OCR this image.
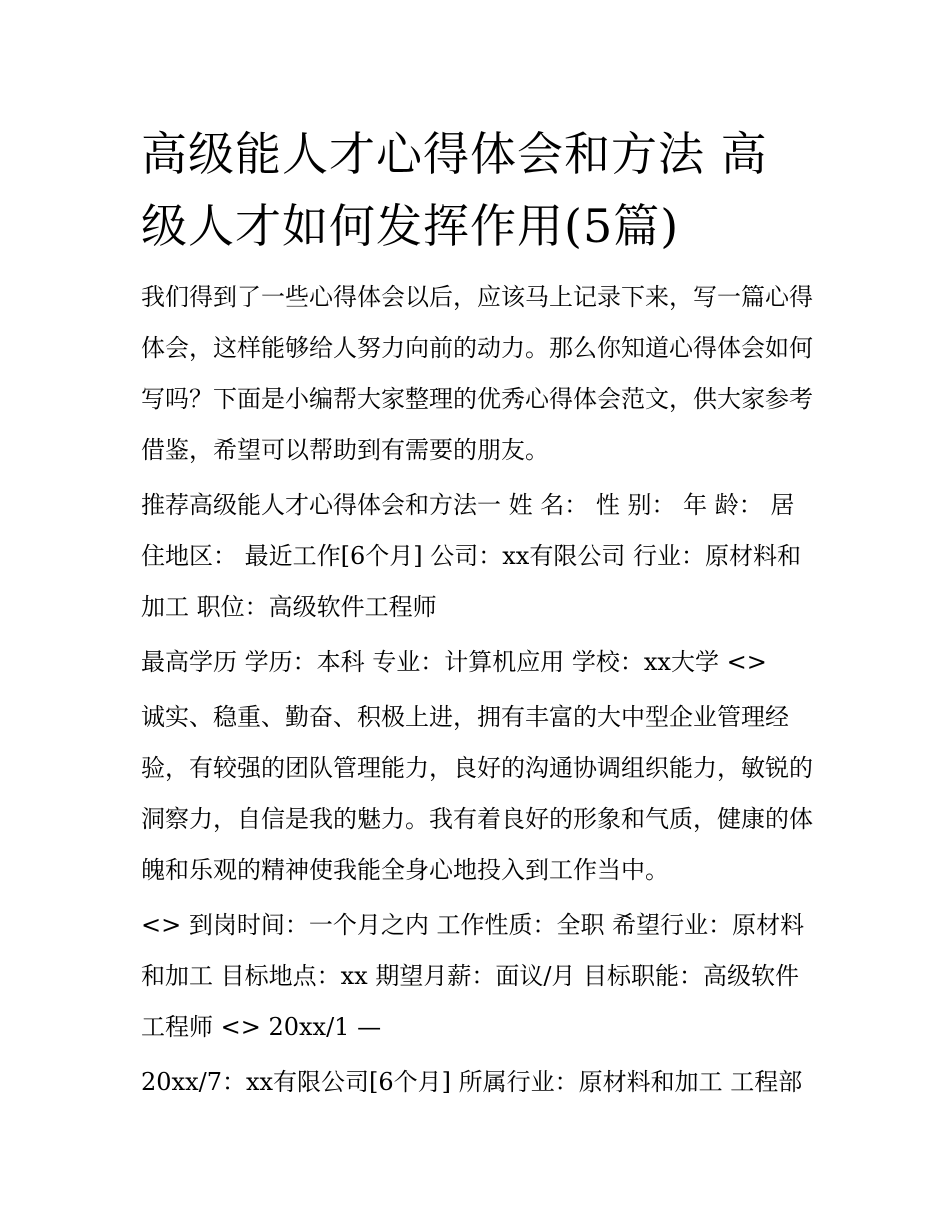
高级能人才心得体会和方法 高级人才如何发挥作用(5篇)

我们得到了一些心得体会以后，应该马上记录下来，写一篇心得体会，这样能够给人努力向前的动力。那么你知道心得体会如何写吗？下面是小编帮大家整理的优秀心得体会范文，供大家参考借鉴，希望可以帮助到有需要的朋友。

推荐高级能人才心得体会和方法一 姓 名： 性 别： 年 龄： 居住地区： 最近工作[6个月] 公司：xx有限公司 行业：原材料和加工 职位：高级软件工程师

最高学历 学历：本科 专业：计算机应用 学校：xx大学 <>

诚实、稳重、勤奋、积极上进，拥有丰富的大中型企业管理经验，有较强的团队管理能力，良好的沟通协调组织能力，敏锐的洞察力，自信是我的魅力。我有着良好的形象和气质，健康的体魄和乐观的精神使我能全身心地投入到工作当中。

<> 到岗时间：一个月之内 工作性质：全职 希望行业：原材料和加工 目标地点：xx 期望月薪：面议/月 目标职能：高级软件工程师 <> 20xx/1 —

20xx/7：xx有限公司[6个月] 所属行业：原材料和加工 工程部
